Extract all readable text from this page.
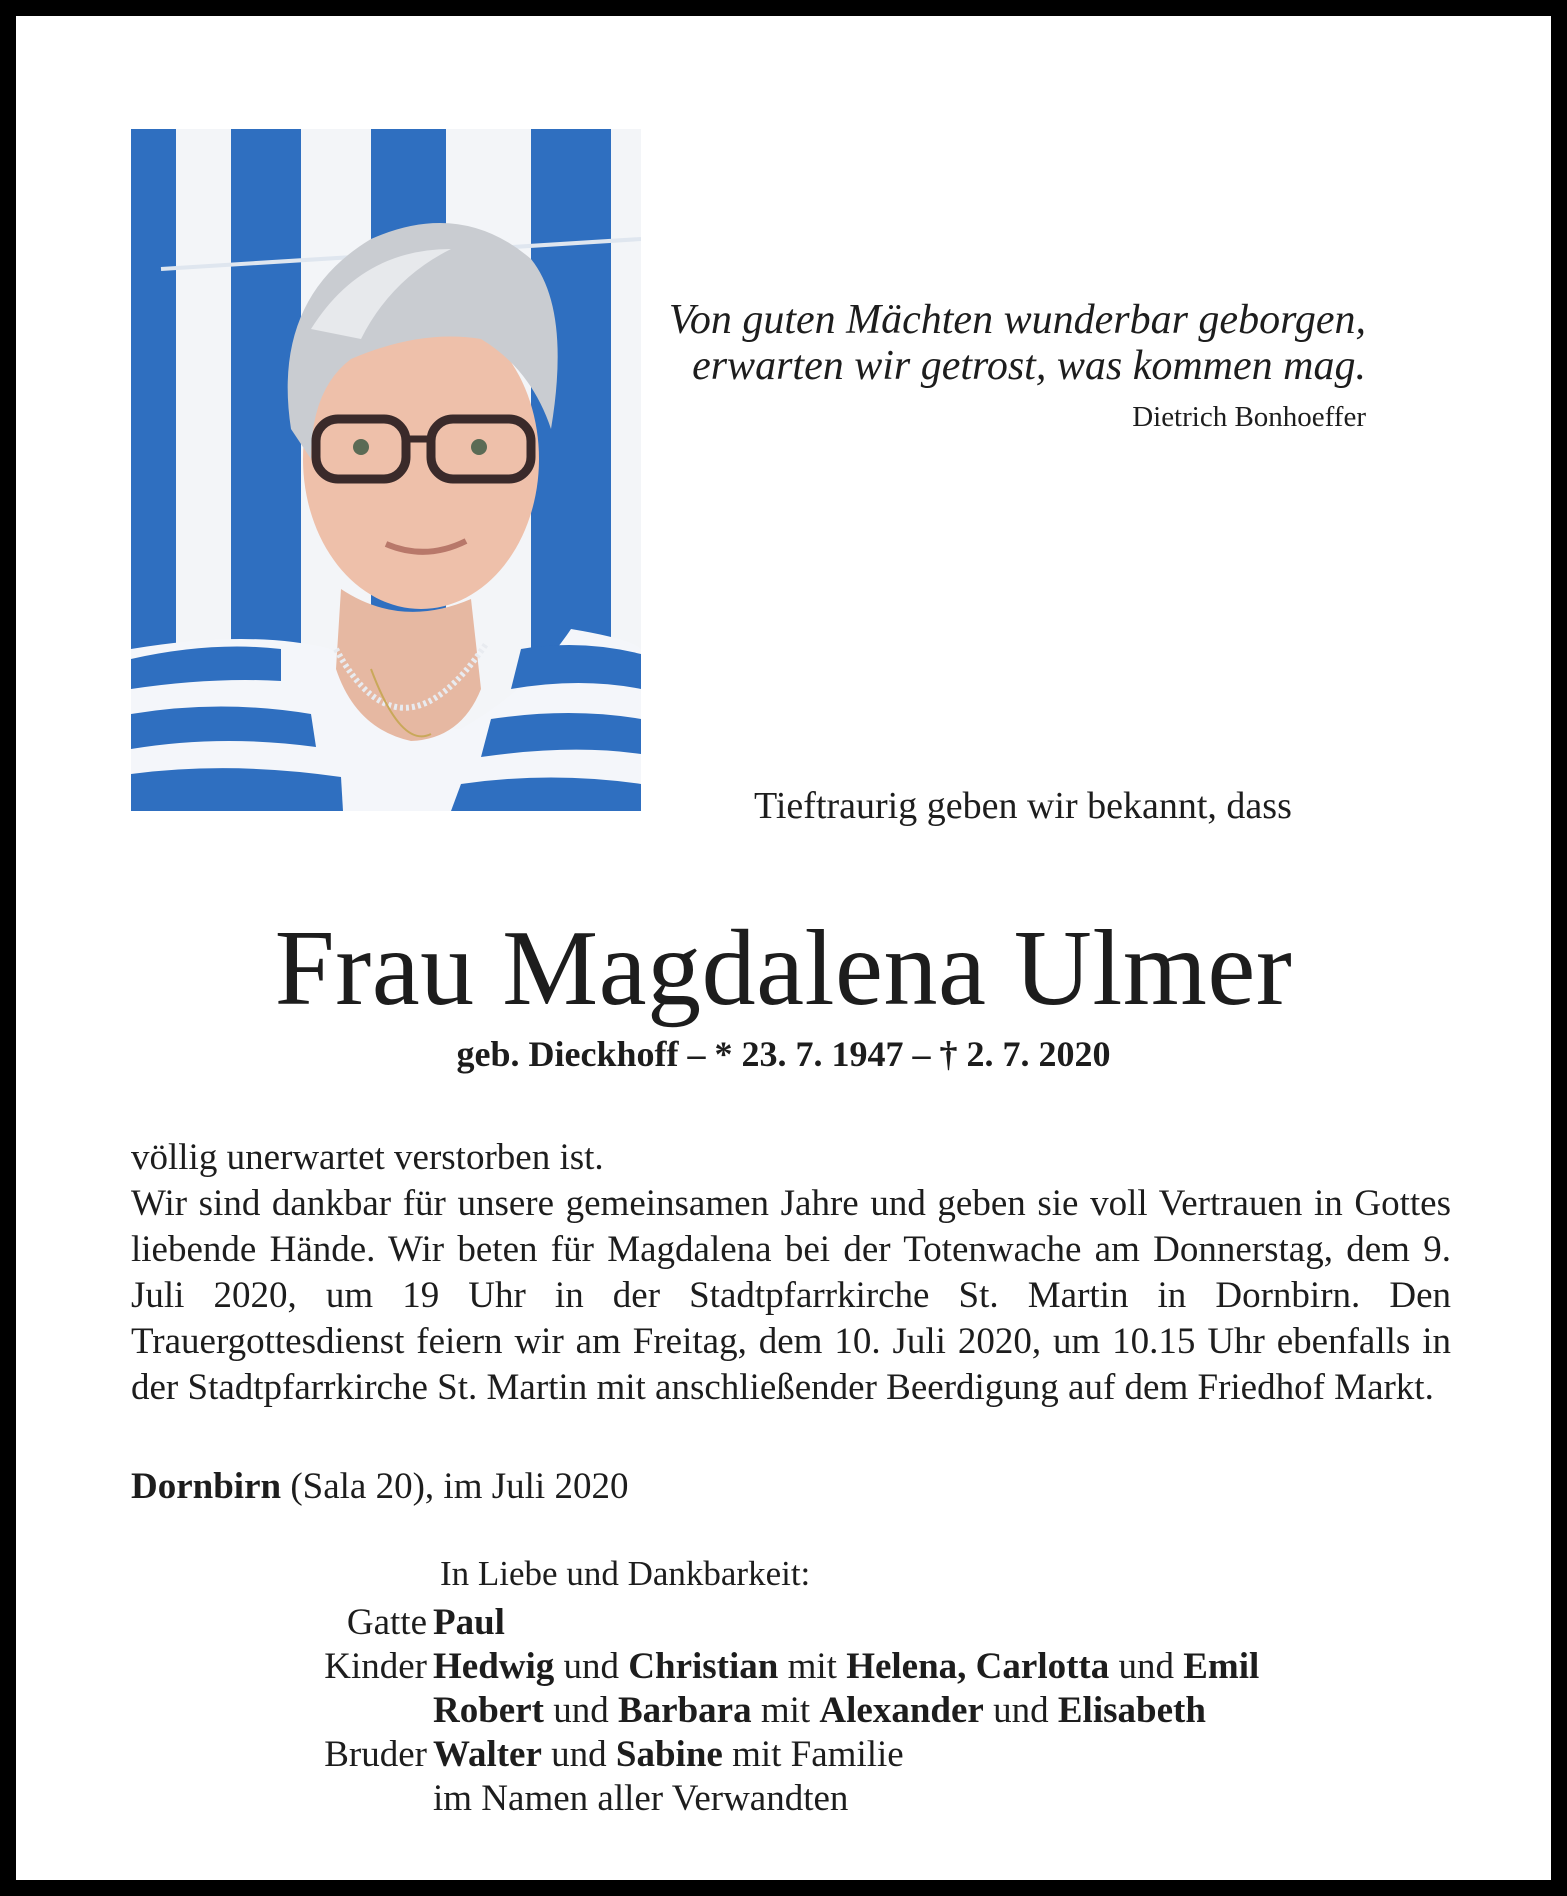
Von guten Mächten wunderbar geborgen,
erwarten wir getrost, was kommen mag.
Dietrich Bonhoeffer
Tieftraurig geben wir bekannt, dass
Frau Magdalena Ulmer
geb. Dieckhoff – * 23. 7. 1947 – † 2. 7. 2020

völlig unerwartet verstorben ist.

Wir sind dankbar für unsere gemeinsamen Jahre und geben sie voll Vertrauen in Gottes liebende Hände. Wir beten für Magdalena bei der Totenwache am Donnerstag, dem 9. Juli 2020, um 19 Uhr in der Stadtpfarrkirche St. Martin in Dornbirn. Den Trauergottesdienst feiern wir am Freitag, dem 10. Juli 2020, um 10.15 Uhr ebenfalls in der Stadtpfarrkirche St. Martin mit anschließender Beerdigung auf dem Friedhof Markt.

Dornbirn (Sala 20), im Juli 2020
In Liebe und Dankbarkeit:
Gatte Paul
Kinder Hedwig und Christian mit Helena, Carlotta und Emil
Robert und Barbara mit Alexander und Elisabeth
Bruder Walter und Sabine mit Familie
im Namen aller Verwandten
